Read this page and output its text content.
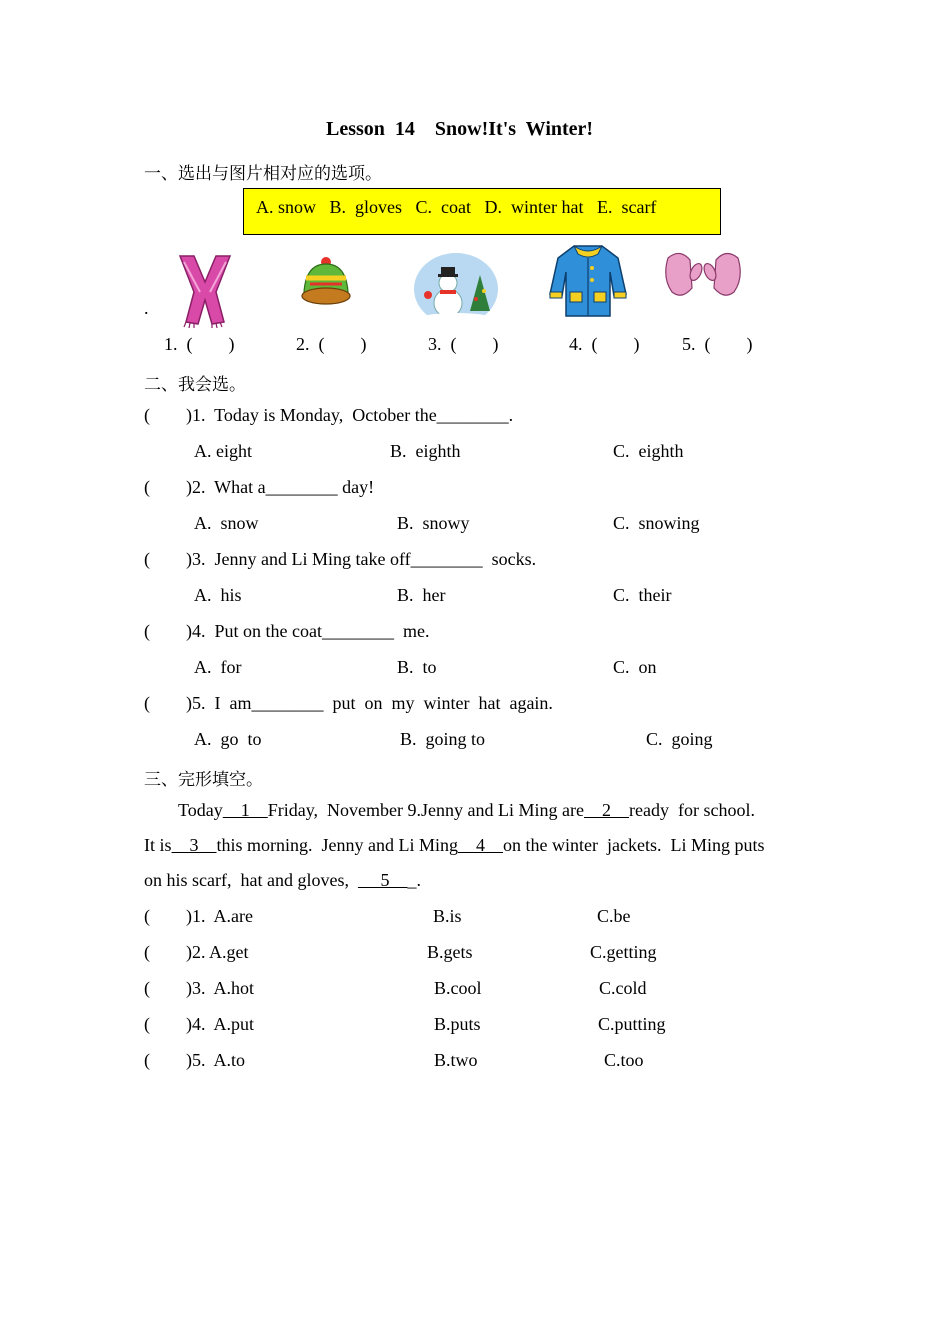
Lesson  14    Snow!It's  Winter!
一、选出与图片相对应的选项。
A. snow   B.  gloves   C.  coat   D.  winter hat   E.  scarf
.
1.  (        )	2.  (        )	3.  (        )	4.  (        ) 5.  (        )
二、我会选。
(        )1.  Today is Monday,  October the________.
A. eight	B.  eighth	C.  eighth
(        )2.  What a________ day!
A.  snow	B.  snowy	C.  snowing
(        )3.  Jenny and Li Ming take off________  socks.
A.  his	B.  her	C.  their
(        )4.  Put on the coat________  me.
A.  for	B.  to	C.  on
(        )5.  I  am________  put  on  my  winter  hat  again.
A.  go  to	B.  going to	C.  going
三、完形填空。
Today    1    Friday,  November 9.Jenny and Li Ming are    2    ready  for school.
It is    3    this morning.  Jenny and Li Ming    4    on the winter  jackets.  Li Ming puts
on his scarf,  hat and gloves,       5    _.
(        )1.  A.are	B.is	C.be
(        )2. A.get	B.gets	C.getting
(        )3.  A.hot	B.cool	C.cold
(        )4.  A.put	B.puts	C.putting
(        )5.  A.to	B.two	C.too
